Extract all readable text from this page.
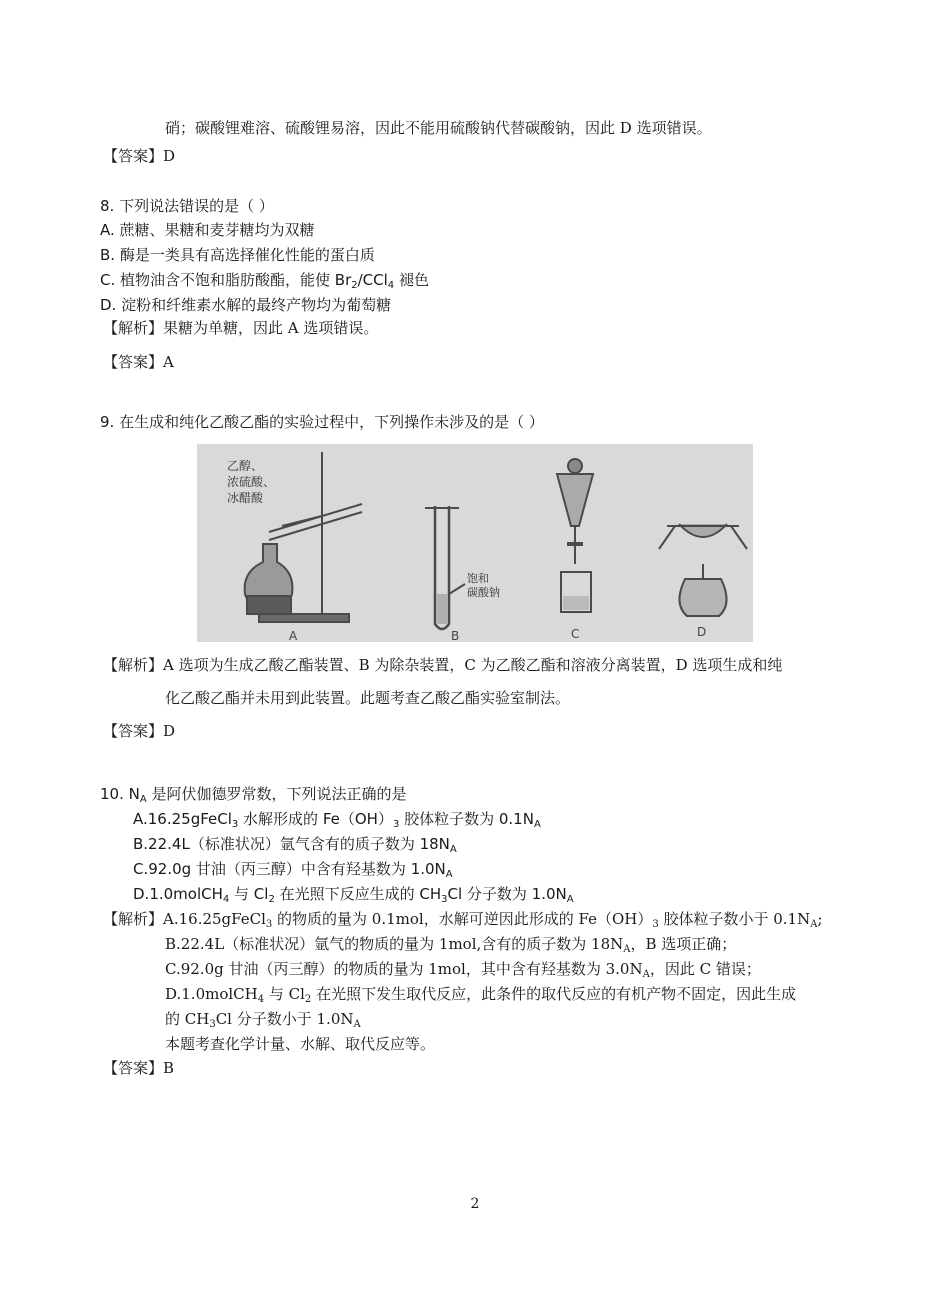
硝；碳酸锂难溶、硫酸锂易溶，因此不能用硫酸钠代替碳酸钠，因此 D 选项错误。
【答案】D
8. 下列说法错误的是（ ）
A. 蔗糖、果糖和麦芽糖均为双糖
B. 酶是一类具有高选择催化性能的蛋白质
C. 植物油含不饱和脂肪酸酯，能使 $Br_2/CCl_4$ 褪色
D. 淀粉和纤维素水解的最终产物均为葡萄糖
【解析】果糖为单糖，因此 A 选项错误。
【答案】A
9. 在生成和纯化乙酸乙酯的实验过程中，下列操作未涉及的是（ ）
乙醇、
浓硫酸、
冰醋酸
饱和
碳酸钠
A	B	C	D
【解析】A 选项为生成乙酸乙酯装置、B 为除杂装置，C 为乙酸乙酯和溶液分离装置，D 选项生成和纯
化乙酸乙酯并未用到此装置。此题考查乙酸乙酯实验室制法。
【答案】D
10. $N_A$ 是阿伏伽德罗常数，下列说法正确的是
A.16.25gFeCl$_3$ 水解形成的 $Fe(OH)_3$ 胶体粒子数为 $0.1N_A$
B.22.4L（标准状况）氩气含有的质子数为 $18N_A$
C.92.0g 甘油（丙三醇）中含有羟基数为 $1.0N_A$
D.1.0molCH$_4$ 与 $Cl_2$ 在光照下反应生成的 $CH_3Cl$ 分子数为 $1.0N_A$
【解析】A.16.25gFeCl$_3$ 的物质的量为 0.1mol，水解可逆因此形成的 $Fe(OH)_3$ 胶体粒子数小于 $0.1N_A$;
B.22.4L（标准状况）氩气的物质的量为 1mol,含有的质子数为 $18N_A$，B 选项正确；
C.92.0g 甘油（丙三醇）的物质的量为 1mol，其中含有羟基数为 $3.0N_A$，因此 C 错误；
D.1.0molCH$_4$ 与 $Cl_2$ 在光照下发生取代反应，此条件的取代反应的有机产物不固定，因此生成
的 $CH_3Cl$ 分子数小于 $1.0N_A$
本题考查化学计量、水解、取代反应等。
【答案】B
2
